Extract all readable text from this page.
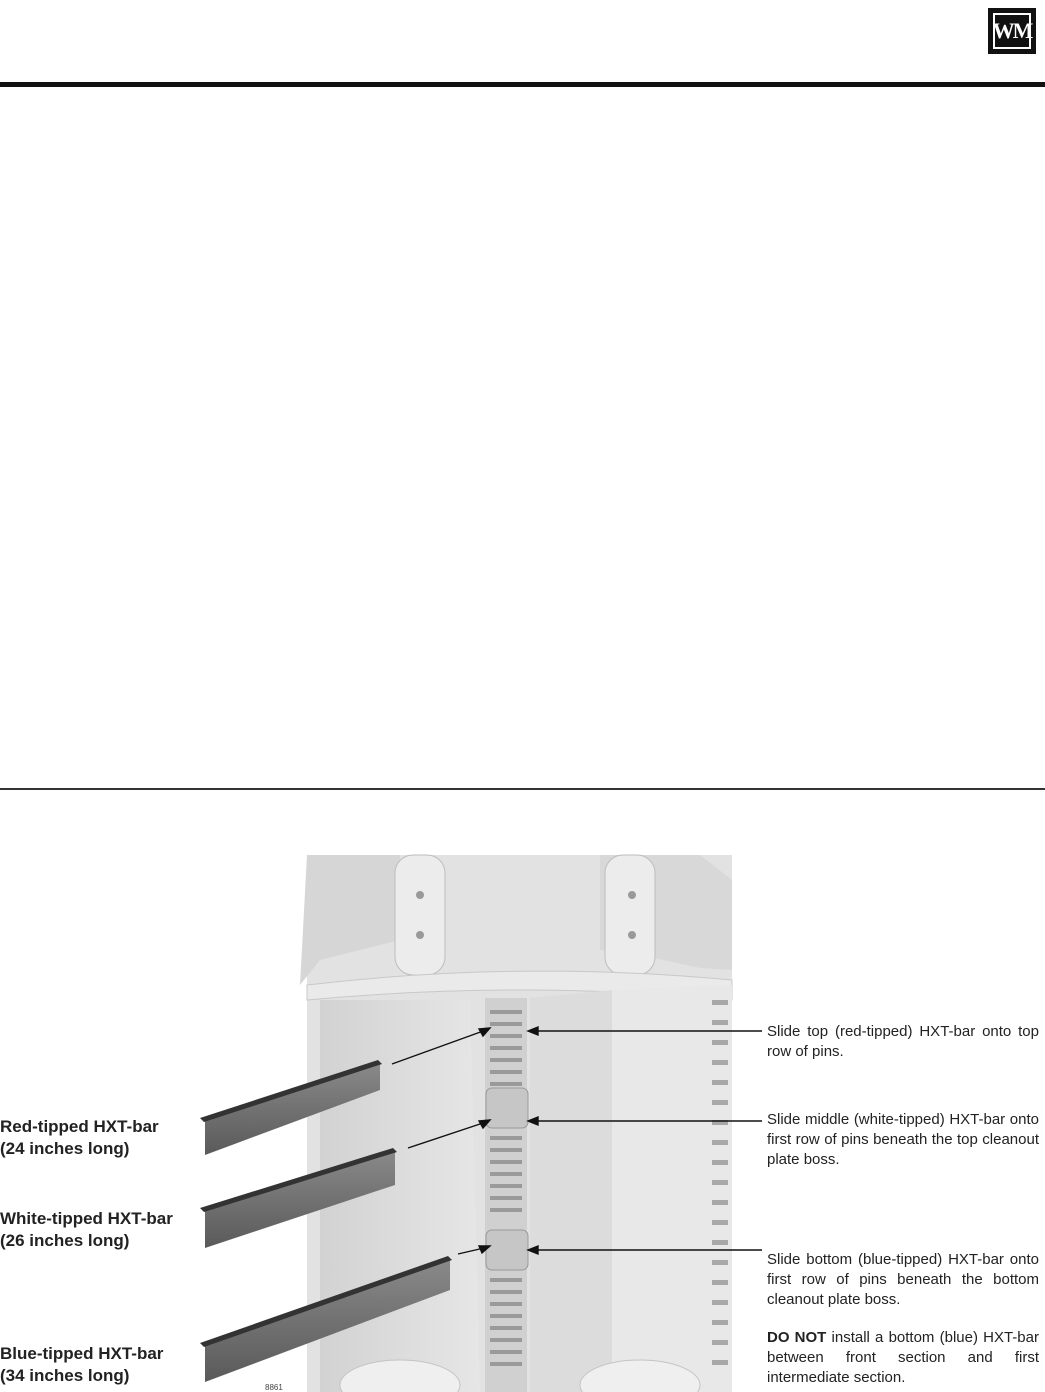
WM
Red-tipped HXT-bar
(24 inches long)
White-tipped HXT-bar
(26 inches long)
Blue-tipped HXT-bar
(34 inches long)
Slide top (red-tipped) HXT-bar onto top row of pins.
Slide middle (white-tipped) HXT-bar onto first row of pins beneath the top cleanout plate boss.
Slide bottom (blue-tipped) HXT-bar onto first row of pins beneath the bottom cleanout plate boss.
DO NOT install a bottom (blue) HXT-bar between front section and first intermediate section.
8861
